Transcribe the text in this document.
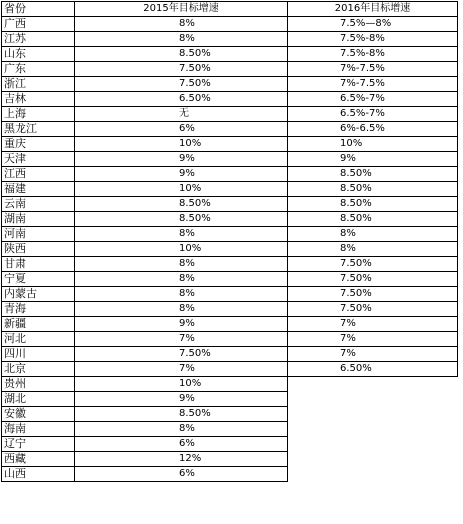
省份	2015年目标增速	2016年目标增速
广西	8%	7.5%—8%
江苏	8%	7.5%-8%
山东	8.50%	7.5%-8%
广东	7.50%	7%-7.5%
浙江	7.50%	7%-7.5%
吉林	6.50%	6.5%-7%
上海	无	6.5%-7%
黑龙江	6%	6%-6.5%
重庆	10%	10%
天津	9%	9%
江西	9%	8.50%
福建	10%	8.50%
云南	8.50%	8.50%
湖南	8.50%	8.50%
河南	8%	8%
陕西	10%	8%
甘肃	8%	7.50%
宁夏	8%	7.50%
内蒙古	8%	7.50%
青海	8%	7.50%
新疆	9%	7%
河北	7%	7%
四川	7.50%	7%
北京	7%	6.50%
贵州	10%	
湖北	9%	
安徽	8.50%	
海南	8%	
辽宁	6%	
西藏	12%	
山西	6%	
